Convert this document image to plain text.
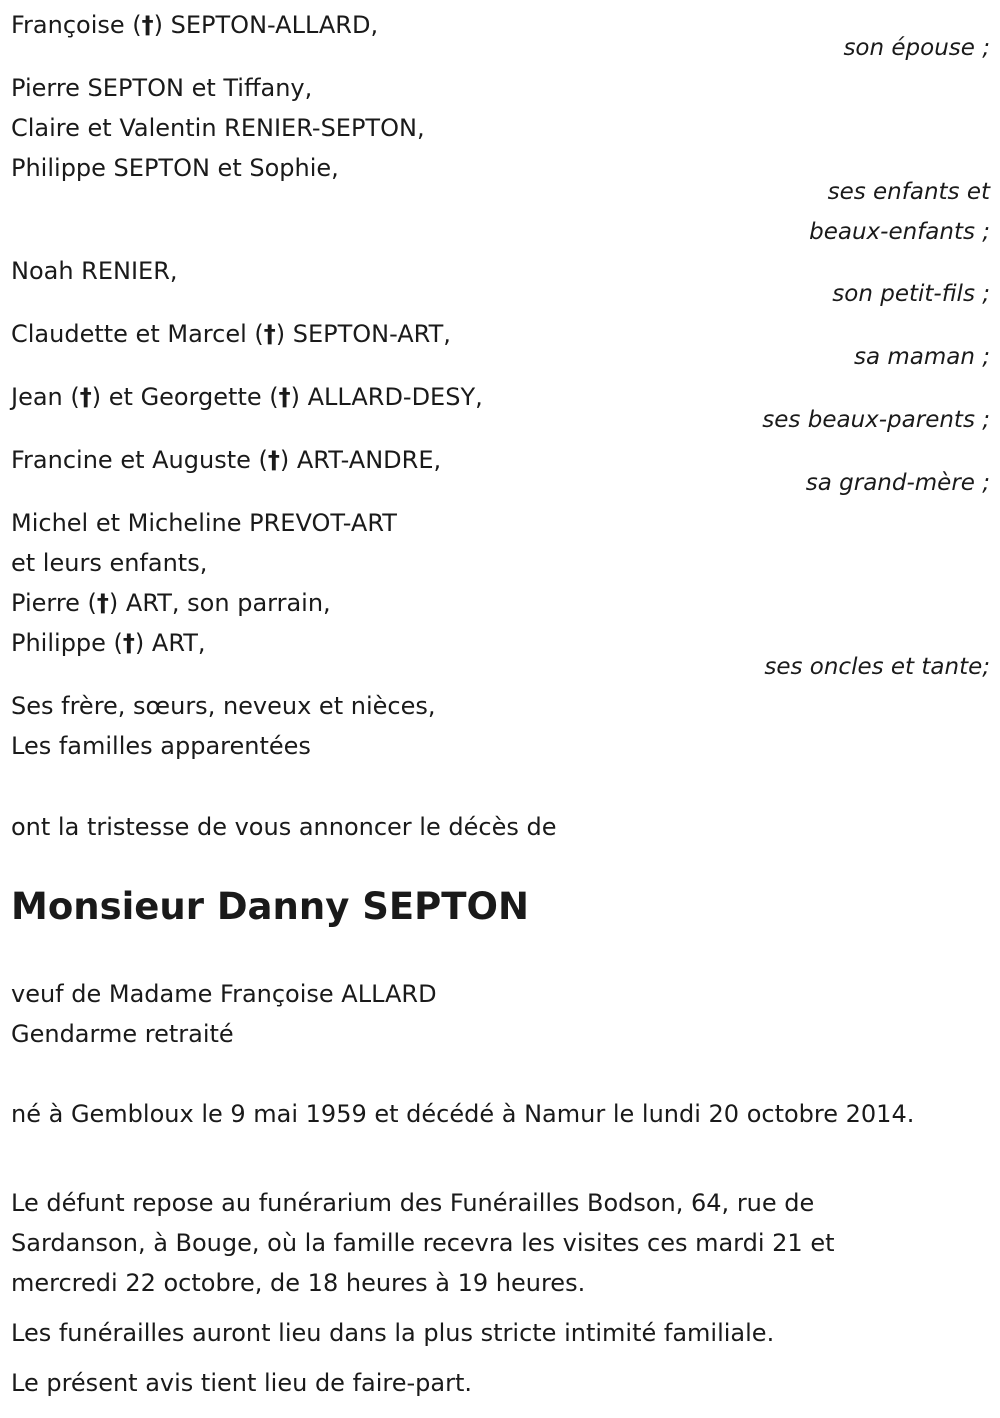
Françoise (†) SEPTON-ALLARD,
son épouse ;
Pierre SEPTON et Tiffany,
Claire et Valentin RENIER-SEPTON,
Philippe SEPTON et Sophie,
ses enfants et
beaux-enfants ;
Noah RENIER,
son petit-fils ;
Claudette et Marcel (†) SEPTON-ART,
sa maman ;
Jean (†) et Georgette (†) ALLARD-DESY,
ses beaux-parents ;
Francine et Auguste (†) ART-ANDRE,
sa grand-mère ;
Michel et Micheline PREVOT-ART
et leurs enfants,
Pierre (†) ART, son parrain,
Philippe (†) ART,
ses oncles et tante;
Ses frère, sœurs, neveux et nièces,
Les familles apparentées
ont la tristesse de vous annoncer le décès de
Monsieur Danny SEPTON
veuf de Madame Françoise ALLARD
Gendarme retraité
né à Gembloux le 9 mai 1959 et décédé à Namur le lundi 20 octobre 2014.
Le défunt repose au funérarium des Funérailles Bodson, 64, rue de Sardanson, à Bouge, où la famille recevra les visites ces mardi 21 et mercredi 22 octobre, de 18 heures à 19 heures.
Les funérailles auront lieu dans la plus stricte intimité familiale.
Le présent avis tient lieu de faire-part.
